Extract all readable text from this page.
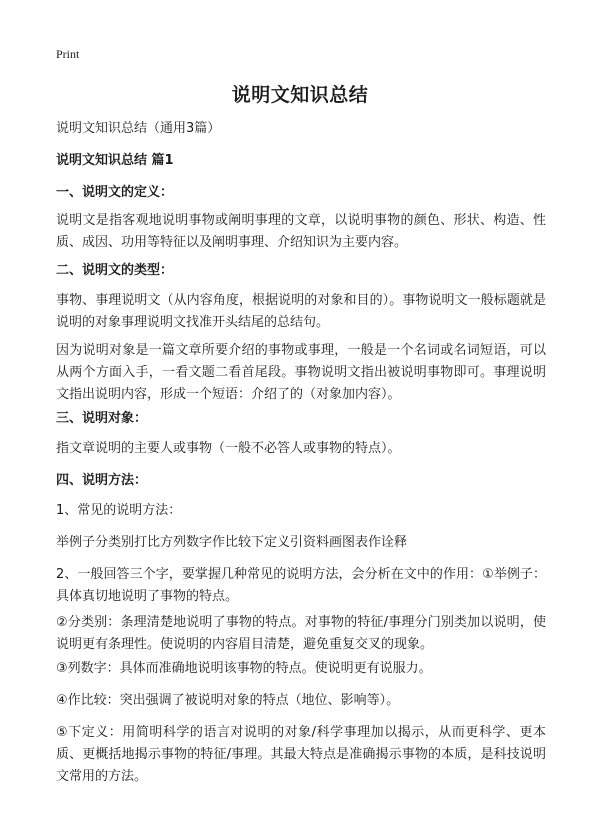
Print
说明文知识总结
说明文知识总结（通用3篇）
说明文知识总结 篇1
一、说明文的定义：
说明文是指客观地说明事物或阐明事理的文章，以说明事物的颜色、形状、构造、性质、成因、功用等特征以及阐明事理、介绍知识为主要内容。
二、说明文的类型：
事物、事理说明文（从内容角度，根据说明的对象和目的）。事物说明文一般标题就是说明的对象事理说明文找准开头结尾的总结句。
因为说明对象是一篇文章所要介绍的事物或事理，一般是一个名词或名词短语，可以从两个方面入手，一看文题二看首尾段。事物说明文指出被说明事物即可。事理说明文指出说明内容，形成一个短语：介绍了的（对象加内容）。
三、说明对象：
指文章说明的主要人或事物（一般不必答人或事物的特点）。
四、说明方法：
1、常见的说明方法：
举例子分类别打比方列数字作比较下定义引资料画图表作诠释
2、一般回答三个字，要掌握几种常见的说明方法，会分析在文中的作用：①举例子：具体真切地说明了事物的特点。
②分类别：条理清楚地说明了事物的特点。对事物的特征/事理分门别类加以说明，使说明更有条理性。使说明的内容眉目清楚，避免重复交叉的现象。
③列数字：具体而准确地说明该事物的特点。使说明更有说服力。
④作比较：突出强调了被说明对象的特点（地位、影响等）。
⑤下定义：用简明科学的语言对说明的对象/科学事理加以揭示，从而更科学、更本质、更概括地揭示事物的特征/事理。其最大特点是准确揭示事物的本质，是科技说明文常用的方法。
